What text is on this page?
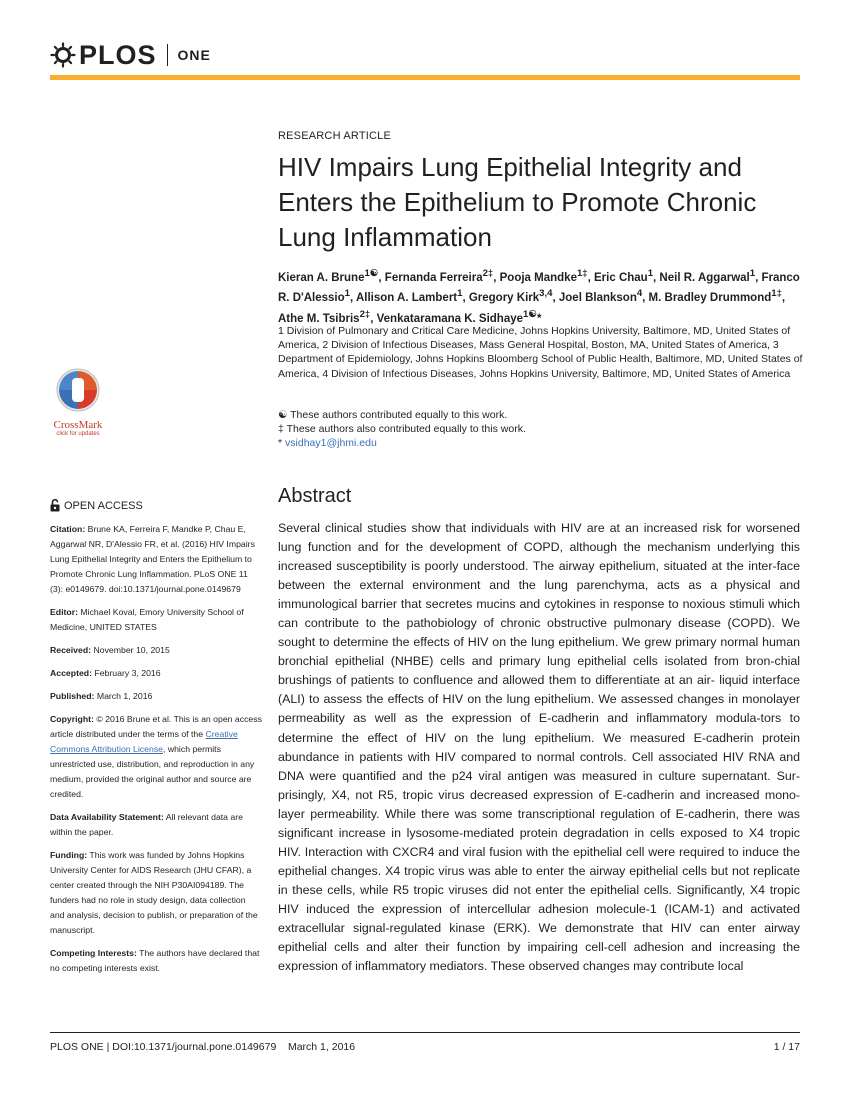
PLOS ONE
CrossMark
click for updates
OPEN ACCESS

Citation: Brune KA, Ferreira F, Mandke P, Chau E, Aggarwal NR, D'Alessio FR, et al. (2016) HIV Impairs Lung Epithelial Integrity and Enters the Epithelium to Promote Chronic Lung Inflammation. PLoS ONE 11 (3): e0149679. doi:10.1371/journal.pone.0149679

Editor: Michael Koval, Emory University School of Medicine, UNITED STATES

Received: November 10, 2015

Accepted: February 3, 2016

Published: March 1, 2016

Copyright: © 2016 Brune et al. This is an open access article distributed under the terms of the Creative Commons Attribution License, which permits unrestricted use, distribution, and reproduction in any medium, provided the original author and source are credited.

Data Availability Statement: All relevant data are within the paper.

Funding: This work was funded by Johns Hopkins University Center for AIDS Research (JHU CFAR), a center created through the NIH P30AI094189. The funders had no role in study design, data collection and analysis, decision to publish, or preparation of the manuscript.

Competing Interests: The authors have declared that no competing interests exist.

RESEARCH ARTICLE
HIV Impairs Lung Epithelial Integrity and Enters the Epithelium to Promote Chronic Lung Inflammation
Kieran A. Brune$^{1☯}$, Fernanda Ferreira$^{2\ddagger}$, Pooja Mandke$^{1\ddagger}$, Eric Chau$^1$, Neil R. Aggarwal$^1$, Franco R. D'Alessio$^1$, Allison A. Lambert$^1$, Gregory Kirk$^{3,4}$, Joel Blankson$^4$, M. Bradley Drummond$^{1\ddagger}$, Athe M. Tsibris$^{2\ddagger}$, Venkataramana K. Sidhaye$^{1☯}$*
1 Division of Pulmonary and Critical Care Medicine, Johns Hopkins University, Baltimore, MD, United States of America, 2 Division of Infectious Diseases, Mass General Hospital, Boston, MA, United States of America, 3 Department of Epidemiology, Johns Hopkins Bloomberg School of Public Health, Baltimore, MD, United States of America, 4 Division of Infectious Diseases, Johns Hopkins University, Baltimore, MD, United States of America
☯ These authors contributed equally to this work.
‡ These authors also contributed equally to this work.
* vsidhay1@jhmi.edu
Abstract
Several clinical studies show that individuals with HIV are at an increased risk for worsened lung function and for the development of COPD, although the mechanism underlying this increased susceptibility is poorly understood. The airway epithelium, situated at the inter-face between the external environment and the lung parenchyma, acts as a physical and immunological barrier that secretes mucins and cytokines in response to noxious stimuli which can contribute to the pathobiology of chronic obstructive pulmonary disease (COPD). We sought to determine the effects of HIV on the lung epithelium. We grew primary normal human bronchial epithelial (NHBE) cells and primary lung epithelial cells isolated from bron-chial brushings of patients to confluence and allowed them to differentiate at an air- liquid interface (ALI) to assess the effects of HIV on the lung epithelium. We assessed changes in monolayer permeability as well as the expression of E-cadherin and inflammatory modula-tors to determine the effect of HIV on the lung epithelium. We measured E-cadherin protein abundance in patients with HIV compared to normal controls. Cell associated HIV RNA and DNA were quantified and the p24 viral antigen was measured in culture supernatant. Sur-prisingly, X4, not R5, tropic virus decreased expression of E-cadherin and increased mono-layer permeability. While there was some transcriptional regulation of E-cadherin, there was significant increase in lysosome-mediated protein degradation in cells exposed to X4 tropic HIV. Interaction with CXCR4 and viral fusion with the epithelial cell were required to induce the epithelial changes. X4 tropic virus was able to enter the airway epithelial cells but not replicate in these cells, while R5 tropic viruses did not enter the epithelial cells. Significantly, X4 tropic HIV induced the expression of intercellular adhesion molecule-1 (ICAM-1) and activated extracellular signal-regulated kinase (ERK). We demonstrate that HIV can enter airway epithelial cells and alter their function by impairing cell-cell adhesion and increasing the expression of inflammatory mediators. These observed changes may contribute local
PLOS ONE | DOI:10.1371/journal.pone.0149679    March 1, 2016	1 / 17
